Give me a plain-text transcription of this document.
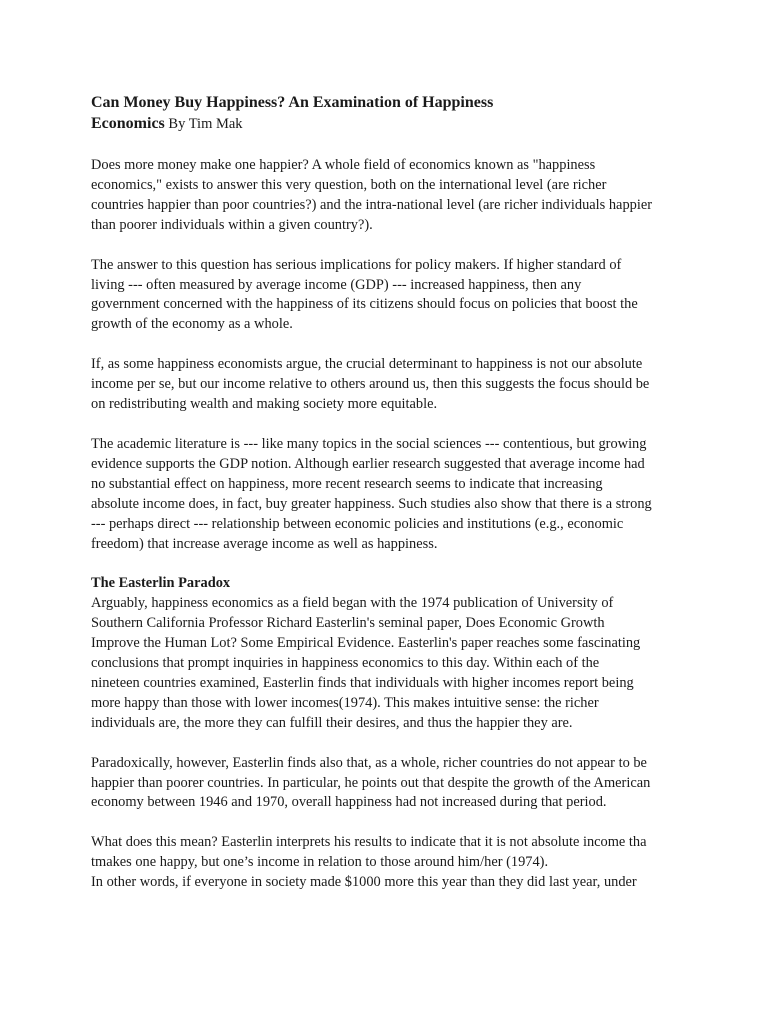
Can Money Buy Happiness? An Examination of Happiness
Economics By Tim Mak

Does more money make one happier? A whole field of economics known as "happiness
economics," exists to answer this very question, both on the international level (are richer
countries happier than poor countries?) and the intra-national level (are richer individuals happier
than poorer individuals within a given country?).

The answer to this question has serious implications for policy makers. If higher standard of
living --- often measured by average income (GDP) --- increased happiness, then any
government concerned with the happiness of its citizens should focus on policies that boost the
growth of the economy as a whole.

If, as some happiness economists argue, the crucial determinant to happiness is not our absolute
income per se, but our income relative to others around us, then this suggests the focus should be
on redistributing wealth and making society more equitable.

The academic literature is --- like many topics in the social sciences --- contentious, but growing
evidence supports the GDP notion. Although earlier research suggested that average income had
no substantial effect on happiness, more recent research seems to indicate that increasing
absolute income does, in fact, buy greater happiness. Such studies also show that there is a strong
--- perhaps direct --- relationship between economic policies and institutions (e.g., economic
freedom) that increase average income as well as happiness.

The Easterlin Paradox

Arguably, happiness economics as a field began with the 1974 publication of University of
Southern California Professor Richard Easterlin's seminal paper, Does Economic Growth
Improve the Human Lot? Some Empirical Evidence. Easterlin's paper reaches some fascinating
conclusions that prompt inquiries in happiness economics to this day. Within each of the
nineteen countries examined, Easterlin finds that individuals with higher incomes report being
more happy than those with lower incomes(1974). This makes intuitive sense: the richer
individuals are, the more they can fulfill their desires, and thus the happier they are.

Paradoxically, however, Easterlin finds also that, as a whole, richer countries do not appear to be
happier than poorer countries. In particular, he points out that despite the growth of the American
economy between 1946 and 1970, overall happiness had not increased during that period.

What does this mean? Easterlin interprets his results to indicate that it is not absolute income tha
tmakes one happy, but one’s income in relation to those around him/her (1974).

In other words, if everyone in society made $1000 more this year than they did last year, under
